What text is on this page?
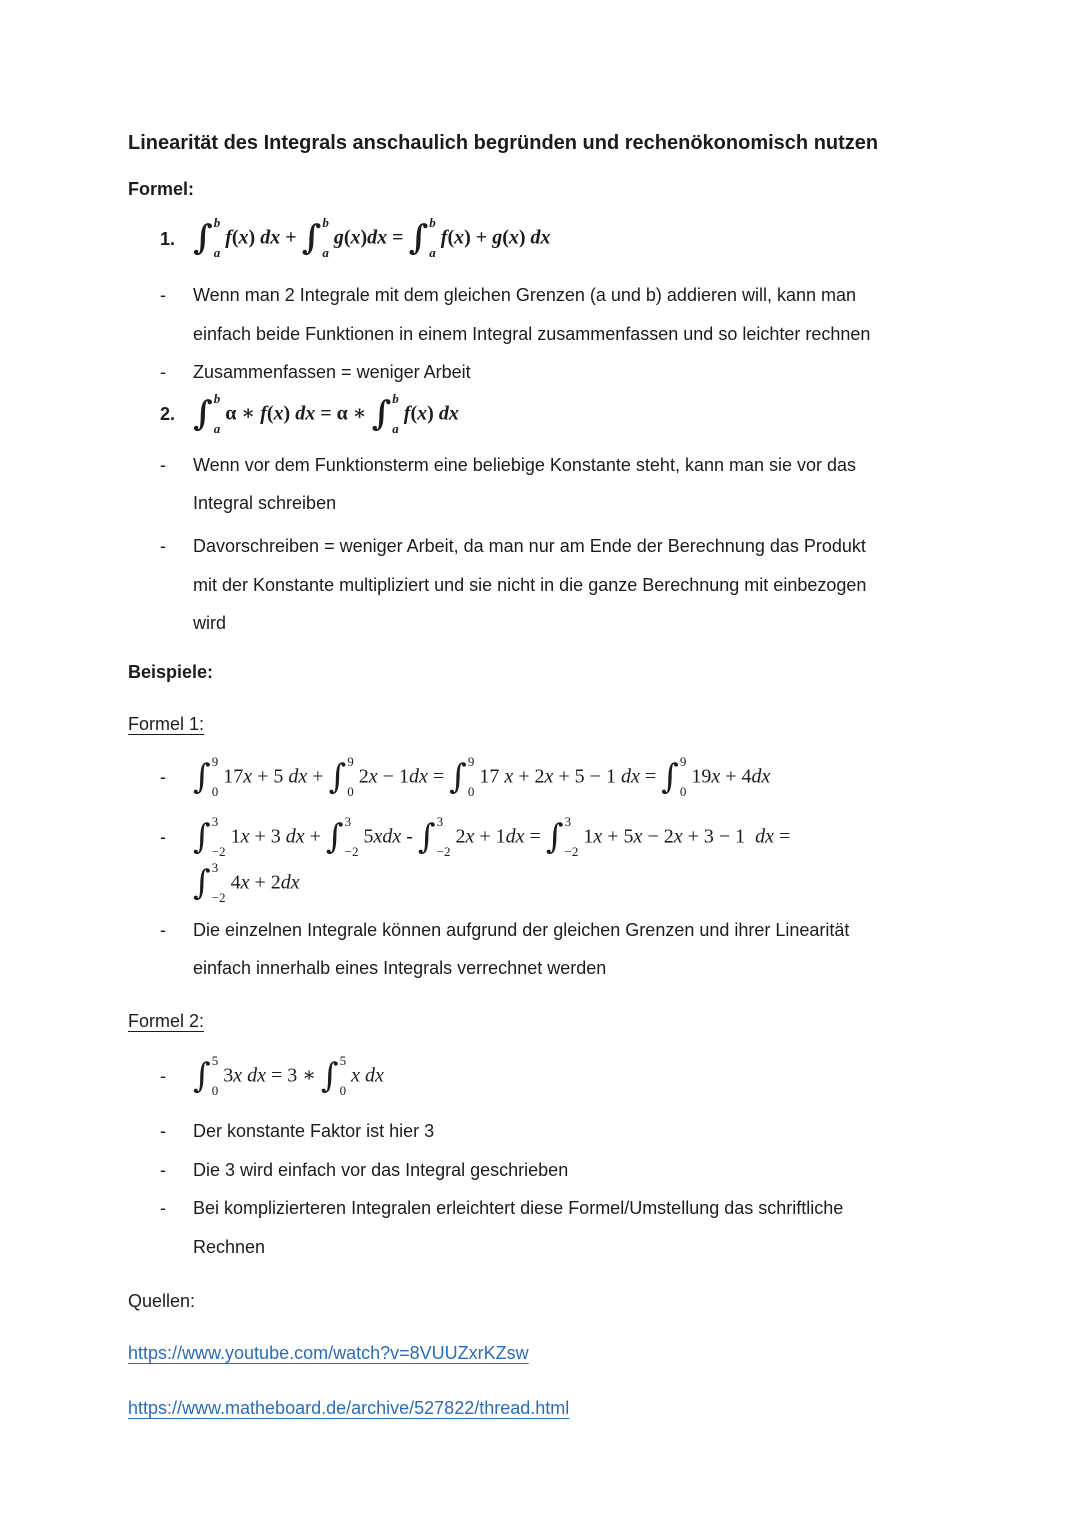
Linearität des Integrals anschaulich begründen und rechenökonomisch nutzen
Formel:
1. ∫ b
a
f(x) dx + ∫ b
a
g(x)dx = ∫ b
a
f(x) + g(x) dx
-	Wenn man 2 Integrale mit dem gleichen Grenzen (a und b) addieren will, kann man
einfach beide Funktionen in einem Integral zusammenfassen und so leichter rechnen
-	Zusammenfassen = weniger Arbeit
2. ∫ b
a
α ∗ f(x) dx = α ∗ ∫ b
a
f(x) dx
-	Wenn vor dem Funktionsterm eine beliebige Konstante steht, kann man sie vor das
Integral schreiben
-	Davorschreiben = weniger Arbeit, da man nur am Ende der Berechnung das Produkt
mit der Konstante multipliziert und sie nicht in die ganze Berechnung mit einbezogen
wird
Beispiele:
Formel 1:
- ∫ 9
0
17x + 5 dx + ∫ 9
0
2x − 1dx = ∫ 9
0
17 x + 2x + 5 − 1 dx = ∫ 9
0
19x + 4dx
- ∫ 3
−2
1x + 3 dx + ∫ 3
−2
5xdx - ∫ 3
−2
2x + 1dx = ∫ 3
−2
1x + 5x − 2x + 3 − 1  dx =
∫ 3
−2
4x + 2dx
-	Die einzelnen Integrale können aufgrund der gleichen Grenzen und ihrer Linearität
einfach innerhalb eines Integrals verrechnet werden
Formel 2:
- ∫ 5
0
3x dx = 3 ∗ ∫ 5
0
x dx
-	Der konstante Faktor ist hier 3
-	Die 3 wird einfach vor das Integral geschrieben
-	Bei komplizierteren Integralen erleichtert diese Formel/Umstellung das schriftliche
Rechnen
Quellen:
https://www.youtube.com/watch?v=8VUUZxrKZsw
https://www.matheboard.de/archive/527822/thread.html
